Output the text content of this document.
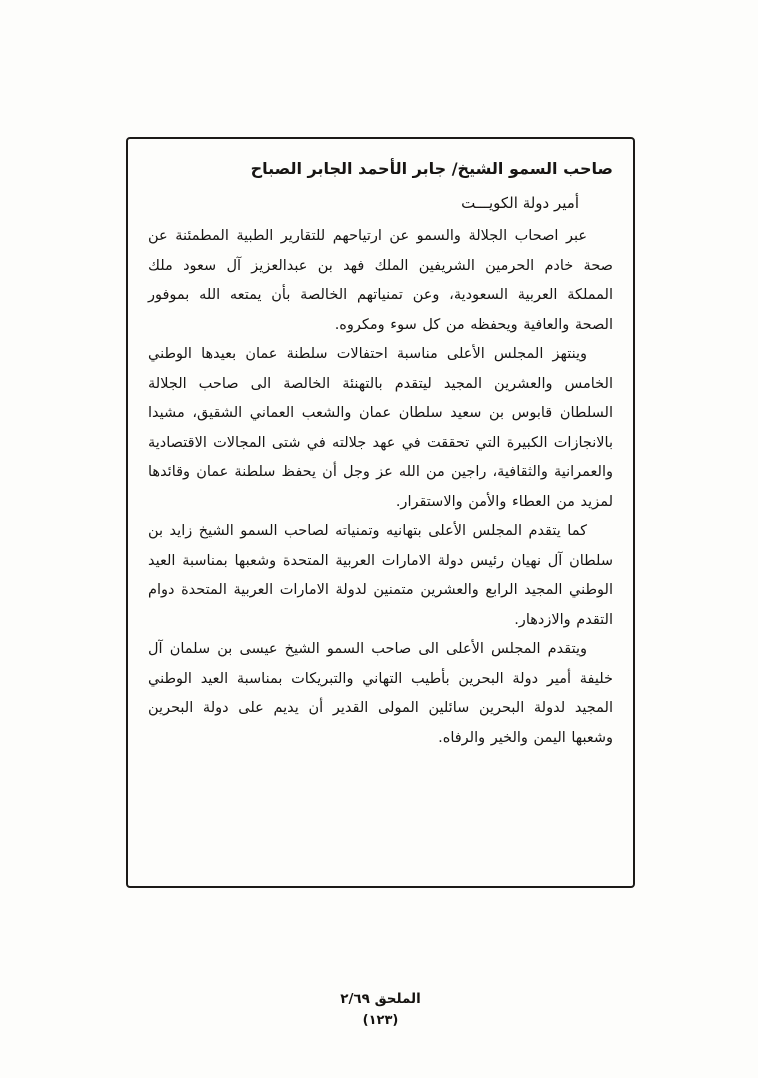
صاحب السمو الشيخ/ جابر الأحمد الجابر الصباح
أمير دولة الكويـــت

عبر اصحاب الجلالة والسمو عن ارتياحهم للتقارير الطبية المطمئنة عن صحة خادم الحرمين الشريفين الملك فهد بن عبدالعزيز آل سعود ملك المملكة العربية السعودية، وعن تمنياتهم الخالصة بأن يمتعه الله بموفور الصحة والعافية ويحفظه من كل سوء ومكروه.

وينتهز المجلس الأعلى مناسبة احتفالات سلطنة عمان بعيدها الوطني الخامس والعشرين المجيد ليتقدم بالتهنئة الخالصة الى صاحب الجلالة السلطان قابوس بن سعيد سلطان عمان والشعب العماني الشقيق، مشيدا بالانجازات الكبيرة التي تحققت في عهد جلالته في شتى المجالات الاقتصادية والعمرانية والثقافية، راجين من الله عز وجل أن يحفظ سلطنة عمان وقائدها لمزيد من العطاء والأمن والاستقرار.

كما يتقدم المجلس الأعلى بتهانيه وتمنياته لصاحب السمو الشيخ زايد بن سلطان آل نهيان رئيس دولة الامارات العربية المتحدة وشعبها بمناسبة العيد الوطني المجيد الرابع والعشرين متمنين لدولة الامارات العربية المتحدة دوام التقدم والازدهار.

ويتقدم المجلس الأعلى الى صاحب السمو الشيخ عيسى بن سلمان آل خليفة أمير دولة البحرين بأطيب التهاني والتبريكات بمناسبة العيد الوطني المجيد لدولة البحرين سائلين المولى القدير أن يديم على دولة البحرين وشعبها اليمن والخير والرفاه.

الملحق ٢/٦٩
(١٢٣)
